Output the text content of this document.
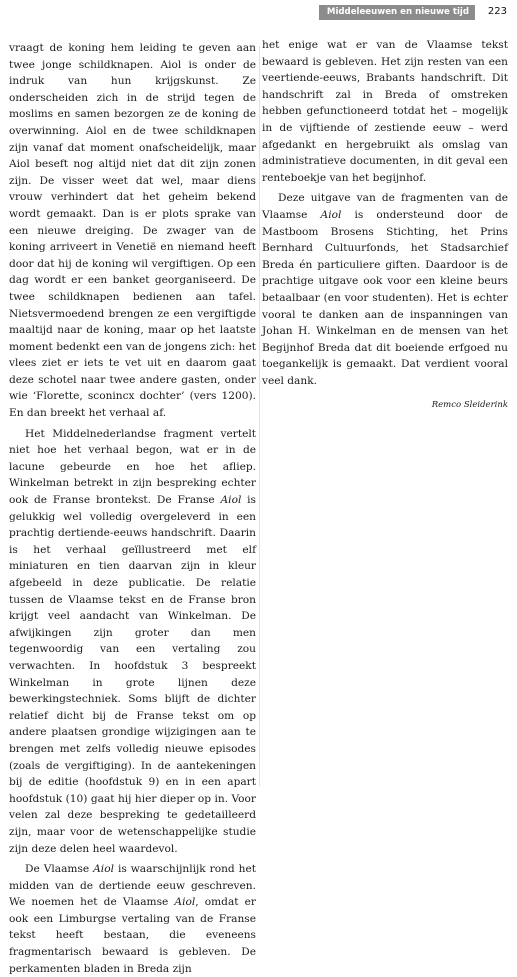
Middeleeuwen en nieuwe tijd	223

vraagt de koning hem leiding te geven aan twee jonge schildknapen. Aiol is onder de indruk van hun krijgskunst. Ze onderscheiden zich in de strijd tegen de moslims en samen bezorgen ze de koning de overwinning. Aiol en de twee schildknapen zijn vanaf dat moment onafscheidelijk, maar Aiol beseft nog altijd niet dat dit zijn zonen zijn. De visser weet dat wel, maar diens vrouw verhindert dat het geheim bekend wordt gemaakt. Dan is er plots sprake van een nieuwe dreiging. De zwager van de koning arriveert in Venetië en niemand heeft door dat hij de koning wil vergiftigen. Op een dag wordt er een banket georganiseerd. De twee schildknapen bedienen aan tafel. Nietsvermoedend brengen ze een vergiftigde maaltijd naar de koning, maar op het laatste moment bedenkt een van de jongens zich: het vlees ziet er iets te vet uit en daarom gaat deze schotel naar twee andere gasten, onder wie ‘Florette, sconincx dochter’ (vers 1200). En dan breekt het verhaal af.

Het Middelnederlandse fragment vertelt niet hoe het verhaal begon, wat er in de lacune gebeurde en hoe het afliep. Winkelman betrekt in zijn bespreking echter ook de Franse brontekst. De Franse Aiol is gelukkig wel volledig overgeleverd in een prachtig dertiende-eeuws handschrift. Daarin is het verhaal geïllustreerd met elf miniaturen en tien daarvan zijn in kleur afgebeeld in deze publicatie. De relatie tussen de Vlaamse tekst en de Franse bron krijgt veel aandacht van Winkelman. De afwijkingen zijn groter dan men tegenwoordig van een vertaling zou verwachten. In hoofdstuk 3 bespreekt Winkelman in grote lijnen deze bewerkingstechniek. Soms blijft de dichter relatief dicht bij de Franse tekst om op andere plaatsen grondige wijzigingen aan te brengen met zelfs volledig nieuwe episodes (zoals de vergiftiging). In de aantekeningen bij de editie (hoofdstuk 9) en in een apart hoofdstuk (10) gaat hij hier dieper op in. Voor velen zal deze bespreking te gedetailleerd zijn, maar voor de wetenschappelijke studie zijn deze delen heel waardevol.

De Vlaamse Aiol is waarschijnlijk rond het midden van de dertiende eeuw geschreven. We noemen het de Vlaamse Aiol, omdat er ook een Limburgse vertaling van de Franse tekst heeft bestaan, die eveneens fragmentarisch bewaard is gebleven. De perkamenten bladen in Breda zijn

het enige wat er van de Vlaamse tekst bewaard is gebleven. Het zijn resten van een veertiende-eeuws, Brabants handschrift. Dit handschrift zal in Breda of omstreken hebben gefunctioneerd totdat het – mogelijk in de vijftiende of zestiende eeuw – werd afgedankt en hergebruikt als omslag van administratieve documenten, in dit geval een renteboekje van het begijnhof.

Deze uitgave van de fragmenten van de Vlaamse Aiol is ondersteund door de Mastboom Brosens Stichting, het Prins Bernhard Cultuurfonds, het Stadsarchief Breda én particuliere giften. Daardoor is de prachtige uitgave ook voor een kleine beurs betaalbaar (en voor studenten). Het is echter vooral te danken aan de inspanningen van Johan H. Winkelman en de mensen van het Begijnhof Breda dat dit boeiende erfgoed nu toegankelijk is gemaakt. Dat verdient vooral veel dank.

Remco Sleiderink
